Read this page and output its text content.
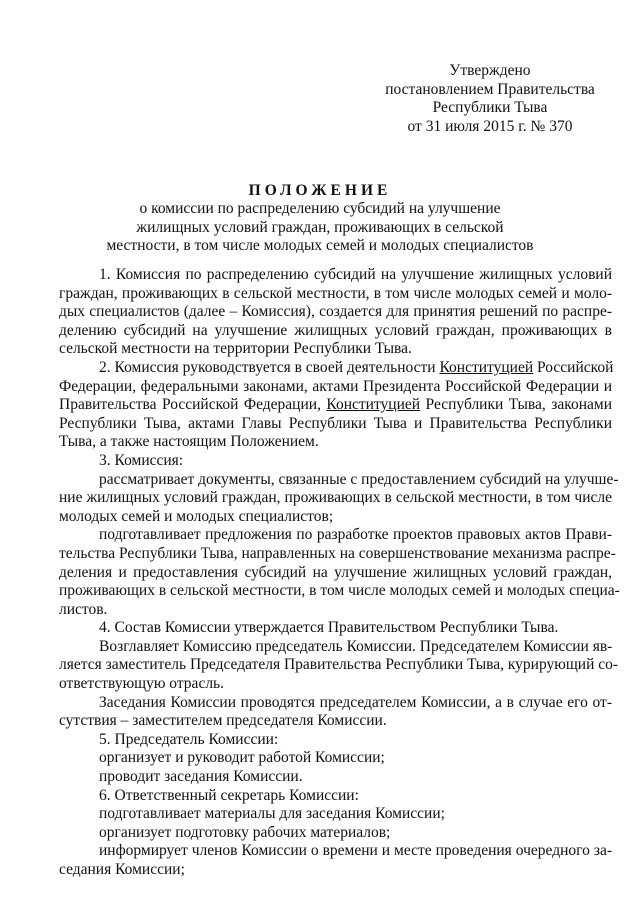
Утверждено
постановлением Правительства
Республики Тыва
от 31 июля 2015 г. № 370
ПОЛОЖЕНИЕ
о комиссии по распределению субсидий на улучшение
жилищных условий граждан, проживающих в сельской
местности, в том числе молодых семей и молодых специалистов
1. Комиссия по распределению субсидий на улучшение жилищных условий
граждан, проживающих в сельской местности, в том числе молодых семей и моло-
дых специалистов (далее – Комиссия), создается для принятия решений по распре-
делению субсидий на улучшение жилищных условий граждан, проживающих в
сельской местности на территории Республики Тыва.
2. Комиссия руководствуется в своей деятельности Конституцией Российской
Федерации, федеральными законами, актами Президента Российской Федерации и
Правительства Российской Федерации, Конституцией Республики Тыва, законами
Республики Тыва, актами Главы Республики Тыва и Правительства Республики
Тыва, а также настоящим Положением.
3. Комиссия:
рассматривает документы, связанные с предоставлением субсидий на улучше-
ние жилищных условий граждан, проживающих в сельской местности, в том числе
молодых семей и молодых специалистов;
подготавливает предложения по разработке проектов правовых актов Прави-
тельства Республики Тыва, направленных на совершенствование механизма распре-
деления и предоставления субсидий на улучшение жилищных условий граждан,
проживающих в сельской местности, в том числе молодых семей и молодых специа-
листов.
4. Состав Комиссии утверждается Правительством Республики Тыва.
Возглавляет Комиссию председатель Комиссии. Председателем Комиссии яв-
ляется заместитель Председателя Правительства Республики Тыва, курирующий со-
ответствующую отрасль.
Заседания Комиссии проводятся председателем Комиссии, а в случае его от-
сутствия – заместителем председателя Комиссии.
5. Председатель Комиссии:
организует и руководит работой Комиссии;
проводит заседания Комиссии.
6. Ответственный секретарь Комиссии:
подготавливает материалы для заседания Комиссии;
организует подготовку рабочих материалов;
информирует членов Комиссии о времени и месте проведения очередного за-
седания Комиссии;
